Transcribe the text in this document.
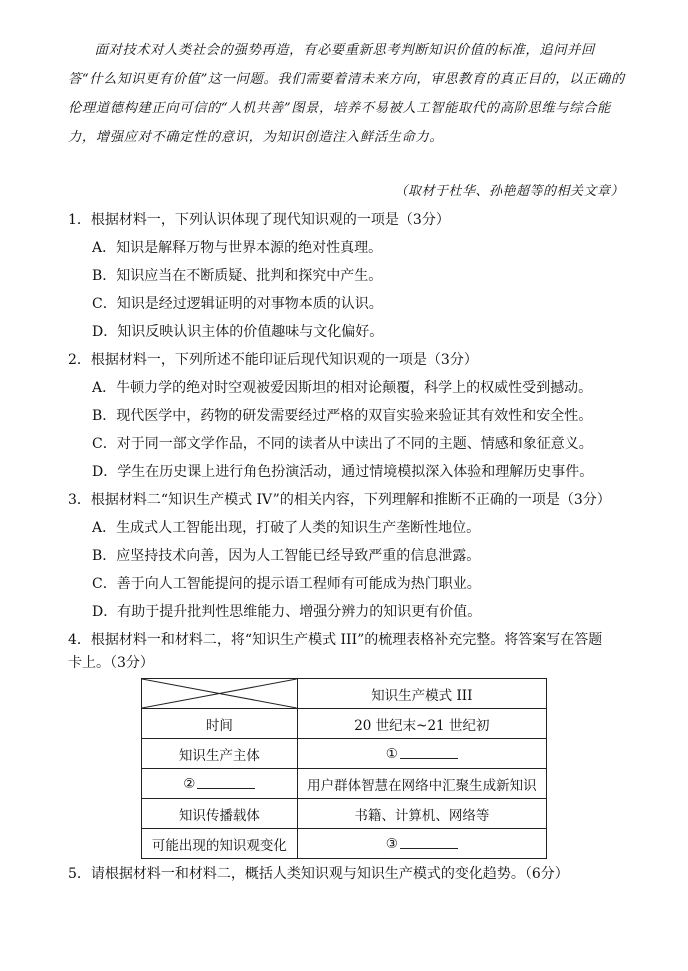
面对技术对人类社会的强势再造，有必要重新思考判断知识价值的标准，追问并回答“什么知识更有价值”这一问题。我们需要着清未来方向，审思教育的真正目的，以正确的伦理道德构建正向可信的“人机共善”图景，培养不易被人工智能取代的高阶思维与综合能力，增强应对不确定性的意识，为知识创造注入鲜活生命力。
（取材于杜华、孙艳超等的相关文章）
1．根据材料一，下列认识体现了现代知识观的一项是（3分）
A．知识是解释万物与世界本源的绝对性真理。
B．知识应当在不断质疑、批判和探究中产生。
C．知识是经过逻辑证明的对事物本质的认识。
D．知识反映认识主体的价值趣味与文化偏好。
2．根据材料一，下列所述不能印证后现代知识观的一项是（3分）
A．牛顿力学的绝对时空观被爱因斯坦的相对论颠覆，科学上的权威性受到撼动。
B．现代医学中，药物的研发需要经过严格的双盲实验来验证其有效性和安全性。
C．对于同一部文学作品，不同的读者从中读出了不同的主题、情感和象征意义。
D．学生在历史课上进行角色扮演活动，通过情境模拟深入体验和理解历史事件。
3．根据材料二“知识生产模式 IV”的相关内容，下列理解和推断不正确的一项是（3分）
A．生成式人工智能出现，打破了人类的知识生产垄断性地位。
B．应坚持技术向善，因为人工智能已经导致严重的信息泄露。
C．善于向人工智能提问的提示语工程师有可能成为热门职业。
D．有助于提升批判性思维能力、增强分辨力的知识更有价值。
4．根据材料一和材料二，将“知识生产模式 III”的梳理表格补充完整。将答案写在答题
卡上。（3分）
	知识生产模式 III
时间	20 世纪末~21 世纪初
知识生产主体	①
②	用户群体智慧在网络中汇聚生成新知识
知识传播载体	书籍、计算机、网络等
可能出现的知识观变化	③
5．请根据材料一和材料二，概括人类知识观与知识生产模式的变化趋势。（6分）
